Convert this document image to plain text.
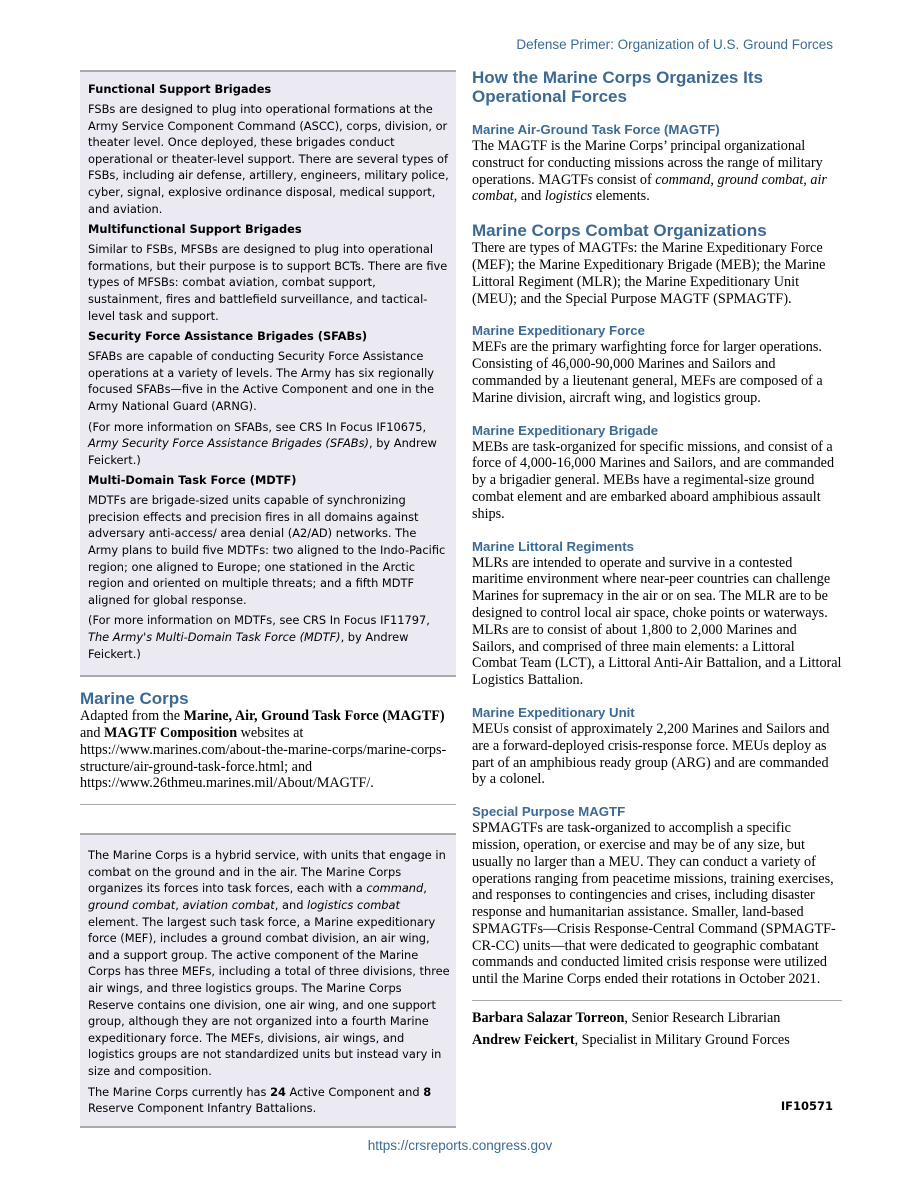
Defense Primer: Organization of U.S. Ground Forces
Functional Support Brigades

FSBs are designed to plug into operational formations at the Army Service Component Command (ASCC), corps, division, or theater level. Once deployed, these brigades conduct operational or theater-level support. There are several types of FSBs, including air defense, artillery, engineers, military police, cyber, signal, explosive ordinance disposal, medical support, and aviation.

Multifunctional Support Brigades

Similar to FSBs, MFSBs are designed to plug into operational formations, but their purpose is to support BCTs. There are five types of MFSBs: combat aviation, combat support, sustainment, fires and battlefield surveillance, and tactical-level task and support.

Security Force Assistance Brigades (SFABs)

SFABs are capable of conducting Security Force Assistance operations at a variety of levels. The Army has six regionally focused SFABs—five in the Active Component and one in the Army National Guard (ARNG).

(For more information on SFABs, see CRS In Focus IF10675, Army Security Force Assistance Brigades (SFABs), by Andrew Feickert.)

Multi-Domain Task Force (MDTF)

MDTFs are brigade-sized units capable of synchronizing precision effects and precision fires in all domains against adversary anti-access/ area denial (A2/AD) networks. The Army plans to build five MDTFs: two aligned to the Indo-Pacific region; one aligned to Europe; one stationed in the Arctic region and oriented on multiple threats; and a fifth MDTF aligned for global response.

(For more information on MDTFs, see CRS In Focus IF11797, The Army's Multi-Domain Task Force (MDTF), by Andrew Feickert.)

Marine Corps

Adapted from the Marine, Air, Ground Task Force (MAGTF) and MAGTF Composition websites at https://www.marines.com/about-the-marine-corps/marine-corps-structure/air-ground-task-force.html; and https://www.26thmeu.marines.mil/About/MAGTF/.

The Marine Corps is a hybrid service, with units that engage in combat on the ground and in the air. The Marine Corps organizes its forces into task forces, each with a command, ground combat, aviation combat, and logistics combat element. The largest such task force, a Marine expeditionary force (MEF), includes a ground combat division, an air wing, and a support group. The active component of the Marine Corps has three MEFs, including a total of three divisions, three air wings, and three logistics groups. The Marine Corps Reserve contains one division, one air wing, and one support group, although they are not organized into a fourth Marine expeditionary force. The MEFs, divisions, air wings, and logistics groups are not standardized units but instead vary in size and composition.

The Marine Corps currently has 24 Active Component and 8 Reserve Component Infantry Battalions.

How the Marine Corps Organizes Its Operational Forces
Marine Air-Ground Task Force (MAGTF)

The MAGTF is the Marine Corps’ principal organizational construct for conducting missions across the range of military operations. MAGTFs consist of command, ground combat, air combat, and logistics elements.

Marine Corps Combat Organizations

There are types of MAGTFs: the Marine Expeditionary Force (MEF); the Marine Expeditionary Brigade (MEB); the Marine Littoral Regiment (MLR); the Marine Expeditionary Unit (MEU); and the Special Purpose MAGTF (SPMAGTF).

Marine Expeditionary Force

MEFs are the primary warfighting force for larger operations. Consisting of 46,000-90,000 Marines and Sailors and commanded by a lieutenant general, MEFs are composed of a Marine division, aircraft wing, and logistics group.

Marine Expeditionary Brigade

MEBs are task-organized for specific missions, and consist of a force of 4,000-16,000 Marines and Sailors, and are commanded by a brigadier general. MEBs have a regimental-size ground combat element and are embarked aboard amphibious assault ships.

Marine Littoral Regiments

MLRs are intended to operate and survive in a contested maritime environment where near-peer countries can challenge Marines for supremacy in the air or on sea. The MLR are to be designed to control local air space, choke points or waterways. MLRs are to consist of about 1,800 to 2,000 Marines and Sailors, and comprised of three main elements: a Littoral Combat Team (LCT), a Littoral Anti-Air Battalion, and a Littoral Logistics Battalion.

Marine Expeditionary Unit

MEUs consist of approximately 2,200 Marines and Sailors and are a forward-deployed crisis-response force. MEUs deploy as part of an amphibious ready group (ARG) and are commanded by a colonel.

Special Purpose MAGTF

SPMAGTFs are task-organized to accomplish a specific mission, operation, or exercise and may be of any size, but usually no larger than a MEU. They can conduct a variety of operations ranging from peacetime missions, training exercises, and responses to contingencies and crises, including disaster response and humanitarian assistance. Smaller, land-based SPMAGTFs—Crisis Response-Central Command (SPMAGTF-CR-CC) units—that were dedicated to geographic combatant commands and conducted limited crisis response were utilized until the Marine Corps ended their rotations in October 2021.

Barbara Salazar Torreon, Senior Research Librarian

Andrew Feickert, Specialist in Military Ground Forces

IF10571
https://crsreports.congress.gov
